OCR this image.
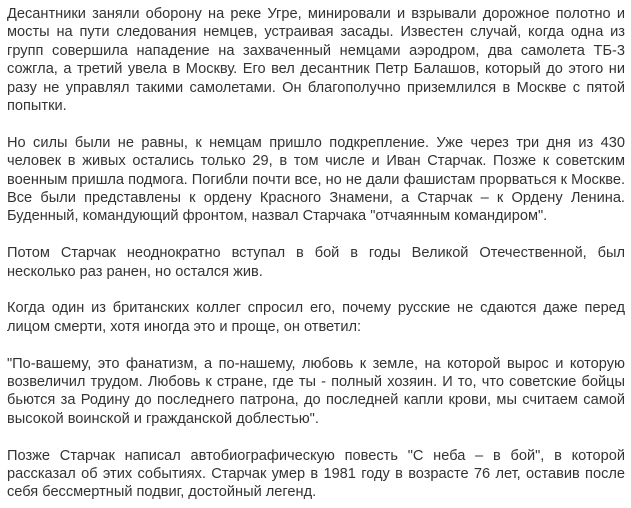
Десантники заняли оборону на реке Угре, минировали и взрывали дорожное полотно и мосты на пути следования немцев, устраивая засады. Известен случай, когда одна из групп совершила нападение на захваченный немцами аэродром, два самолета ТБ-3 сожгла, а третий увела в Москву. Его вел десантник Петр Балашов, который до этого ни разу не управлял такими самолетами. Он благополучно приземлился в Москве с пятой попытки.

Но силы были не равны, к немцам пришло подкрепление. Уже через три дня из 430 человек в живых остались только 29, в том числе и Иван Старчак. Позже к советским военным пришла подмога. Погибли почти все, но не дали фашистам прорваться к Москве. Все были представлены к ордену Красного Знамени, а Старчак – к Ордену Ленина. Буденный, командующий фронтом, назвал Старчака "отчаянным командиром".

Потом Старчак неоднократно вступал в бой в годы Великой Отечественной, был несколько раз ранен, но остался жив.

Когда один из британских коллег спросил его, почему русские не сдаются даже перед лицом смерти, хотя иногда это и проще, он ответил:

"По-вашему, это фанатизм, а по-нашему, любовь к земле, на которой вырос и которую возвеличил трудом. Любовь к стране, где ты - полный хозяин. И то, что советские бойцы бьются за Родину до последнего патрона, до последней капли крови, мы считаем самой высокой воинской и гражданской доблестью".

Позже Старчак написал автобиографическую повесть "С неба – в бой", в которой рассказал об этих событиях. Старчак умер в 1981 году в возрасте 76 лет, оставив после себя бессмертный подвиг, достойный легенд.
